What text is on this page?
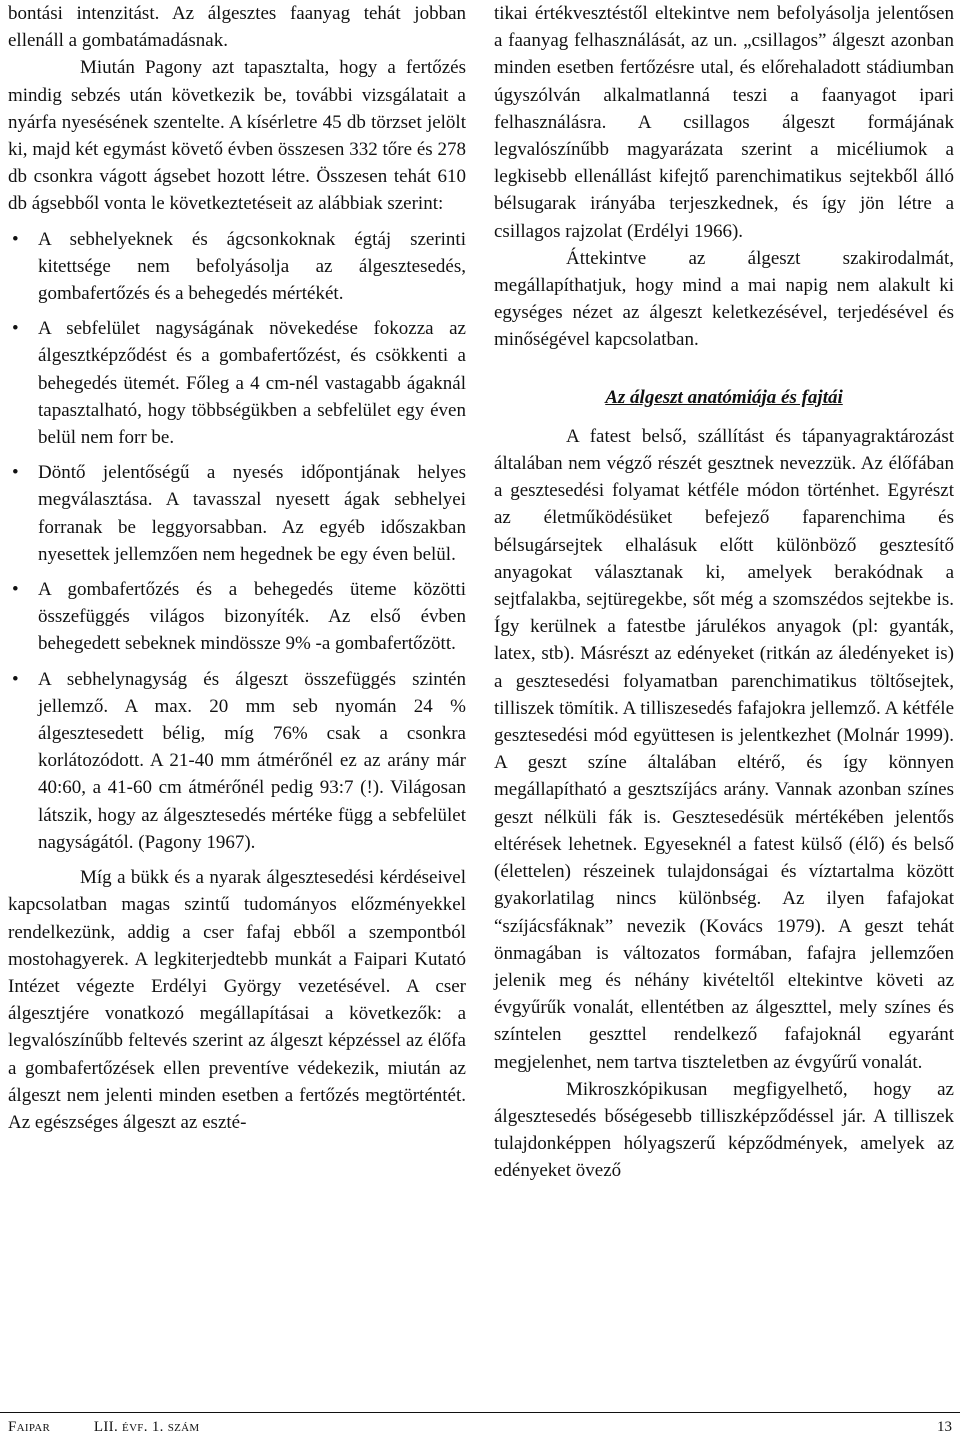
bontási intenzitást. Az álgesztes faanyag tehát jobban ellenáll a gombatámadásnak.

Miután Pagony azt tapasztalta, hogy a fertőzés mindig sebzés után következik be, további vizsgálatait a nyárfa nyesésének szentelte. A kísérletre 45 db törzset jelölt ki, majd két egymást követő évben összesen 332 tőre és 278 db csonkra vágott ágsebet hozott létre. Összesen tehát 610 db ágsebből vonta le következtetéseit az alábbiak szerint:

• A sebhelyeknek és ágcsonkoknak égtáj szerinti kitettsége nem befolyásolja az álgesztesedés, gombafertőzés és a behegedés mértékét.
• A sebfelület nagyságának növekedése fokozza az álgesztképződést és a gombafertőzést, és csökkenti a behegedés ütemét. Főleg a 4 cm-nél vastagabb ágaknál tapasztalható, hogy többségükben a sebfelület egy éven belül nem forr be.
• Döntő jelentőségű a nyesés időpontjának helyes megválasztása. A tavasszal nyesett ágak sebhelyei forranak be leggyorsabban. Az egyéb időszakban nyesettek jellemzően nem hegednek be egy éven belül.
• A gombafertőzés és a behegedés üteme közötti összefüggés világos bizonyíték. Az első évben behegedett sebeknek mindössze 9% -a gombafertőzött.
• A sebhelynagyság és álgeszt összefüggés szintén jellemző. A max. 20 mm seb nyomán 24 % álgesztesedett bélig, míg 76% csak a csonkra korlátozódott. A 21-40 mm átmérőnél ez az arány már 40:60, a 41-60 cm átmérőnél pedig 93:7 (!). Világosan látszik, hogy az álgesztesedés mértéke függ a sebfelület nagyságától. (Pagony 1967).

Míg a bükk és a nyarak álgesztesedési kérdéseivel kapcsolatban magas szintű tudományos előzményekkel rendelkezünk, addig a cser fafaj ebből a szempontból mostohagyerek. A legkiterjedtebb munkát a Faipari Kutató Intézet végezte Erdélyi György vezetésével. A cser álgesztjére vonatkozó megállapításai a következők: a legvalószínűbb feltevés szerint az álgeszt képzéssel az élőfa a gombafertőzések ellen preventíve védekezik, miután az álgeszt nem jelenti minden esetben a fertőzés megtörténtét. Az egészséges álgeszt az eszté-

tikai értékvesztéstől eltekintve nem befolyásolja jelentősen a faanyag felhasználását, az un. „csillagos” álgeszt azonban minden esetben fertőzésre utal, és előrehaladott stádiumban úgyszólván alkalmatlanná teszi a faanyagot ipari felhasználásra. A csillagos álgeszt formájának legvalószínűbb magyarázata szerint a micéliumok a legkisebb ellenállást kifejtő parenchimatikus sejtekből álló bélsugarak irányába terjeszkednek, és így jön létre a csillagos rajzolat (Erdélyi 1966).

Áttekintve az álgeszt szakirodalmát, megállapíthatjuk, hogy mind a mai napig nem alakult ki egységes nézet az álgeszt keletkezésével, terjedésével és minőségével kapcsolatban.

Az álgeszt anatómiája és fajtái

A fatest belső, szállítást és tápanyagraktározást általában nem végző részét gesztnek nevezzük. Az élőfában a gesztesedési folyamat kétféle módon történhet. Egyrészt az életműködésüket befejező faparenchima és bélsugársejtek elhalásuk előtt különböző gesztesítő anyagokat választanak ki, amelyek berakódnak a sejtfalakba, sejtüregekbe, sőt még a szomszédos sejtekbe is. Így kerülnek a fatestbe járulékos anyagok (pl: gyanták, latex, stb). Másrészt az edényeket (ritkán az áledényeket is) a gesztesedési folyamatban parenchimatikus töltősejtek, tilliszek tömítik. A tilliszesedés fafajokra jellemző. A kétféle gesztesedési mód együttesen is jelentkezhet (Molnár 1999). A geszt színe általában eltérő, és így könnyen megállapítható a gesztszíjács arány. Vannak azonban színes geszt nélküli fák is. Gesztesedésük mértékében jelentős eltérések lehetnek. Egyeseknél a fatest külső (élő) és belső (élettelen) részeinek tulajdonságai és víztartalma között gyakorlatilag nincs különbség. Az ilyen fafajokat “szíjácsfáknak” nevezik (Kovács 1979). A geszt tehát önmagában is változatos formában, fafajra jellemzően jelenik meg és néhány kivételtől eltekintve követi az évgyűrűk vonalát, ellentétben az álgeszttel, mely színes és színtelen geszttel rendelkező fafajoknál egyaránt megjelenhet, nem tartva tiszteletben az évgyűrű vonalát.

Mikroszkópikusan megfigyelhető, hogy az álgesztesedés bőségesebb tilliszképződéssel jár. A tilliszek tulajdonképpen hólyagszerű képződmények, amelyek az edényeket övező

Faipar	LII. évf. 1. szám	13
